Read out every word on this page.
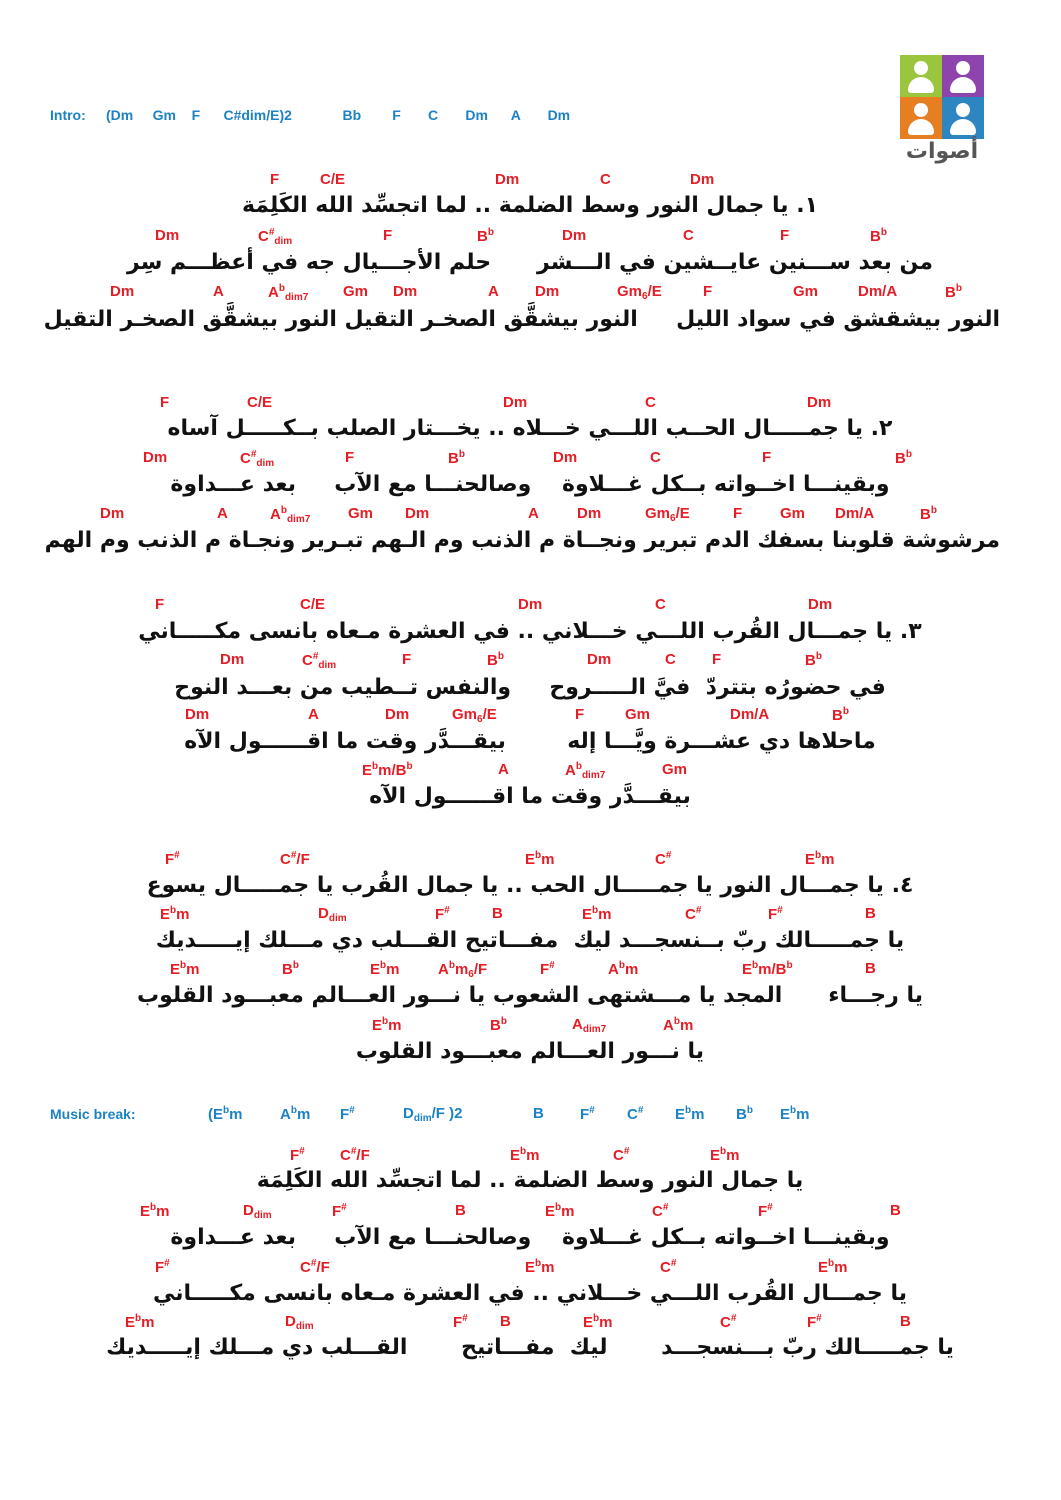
أصوات
Intro: (Dm     Gm    F      C#dim/E)2             Bb        F       C       Dm      A       Dm
F	C/E	Dm	C	Dm
١. يا جمال النور وسط الضلمة .. لما اتجسِّد الله الكَلِمَة
Dm	$C^{\#}_{dim}$	F	$B^b$	Dm	C	F	$B^b$
من بعد ســـنين عايــشين في الـــشر      حلم الأجـــيال جه في أعظـــم سِر
Dm	A	$A^b_{dim7}$ Gm Dm	A Dm	$Gm_6/E$	F	Gm	Dm/A	$B^b$
النور بيشقشق في سواد الليل     النور بيشقَّق الصخـر التقيل النور بيشقَّق الصخـر التقيل
F	C/E	Dm	C	Dm
٢. يا جمـــــال الحــب اللـــي خـــلاه .. يخـــتار الصلب بــكـــــل آساه
Dm	$C^{\#}_{dim}$	F	$B^b$	Dm	C	F	$B^b$
وبقينـــا اخــواته بــكل غـــلاوة    وصالحنـــا مع الآب     بعد عـــداوة
Dm	A	$A^b_{dim7}$	Gm Dm	A	Dm	$Gm_6/E$	F	Gm Dm/A	$B^b$
مرشوشة قلوبنا بسفك الدم تبرير ونجــاة م الذنب وم الـهم تبـرير ونجـاة م الذنب وم الهم
F	C/E	Dm	C	Dm
٣. يا جمـــال القُرب اللـــي خـــلاني .. في العشرة مـعاه بانسى مكـــــاني
Dm	$C^{\#}_{dim}$	F	$B^b$	Dm	C F	$B^b$
في حضورُه بتتردّ  فيَّ الـــــروح     والنفس تــطيب من بعـــد النوح
Dm	A	Dm	$Gm_6/E$	F	Gm	Dm/A	$B^b$
ماحلاها دي عشـــرة ويَّـــا إله        بيقـــدَّر وقت ما اقــــــول الآه
$E^bm/B^b$	A	$A^b_{dim7}$	Gm
بيقـــدَّر وقت ما اقــــــول الآه
F#	C#/F	$E^bm$	C#	$E^bm$
٤. يا جمـــال النور يا جمـــــال الحب .. يا جمال القُرب يا جمـــــال يسوع
$E^bm$	$D_{dim}$	F#	B	$E^bm$	C#	F#	B
يا جمـــــالك ربّ بــنسجـــد ليك  مفـــاتيح القـــلب دي مـــلك إيـــــديك
$E^bm$	$B^b$	$E^bm$	$A^bm_6/F$	F#	$A^bm$	$E^bm/B^b$	B
يا رجـــاء      المجد يا مـــشتهى الشعوب يا نـــور العـــالم معبـــود القلوب
$E^bm$	$B^b$	$A_{dim7}$	$A^bm$
يا نـــور العـــالم معبـــود القلوب
Music break:	($E^bm$	$A^bm$ F#	$D_{dim}/F$ )2	B F# C# $E^bm$ $B^b$ $E^bm$
F# C#/F	$E^bm$	C#	$E^bm$
يا جمال النور وسط الضلمة .. لما اتجسِّد الله الكَلِمَة
$E^bm$	$D_{dim}$	F#	B	$E^bm$	C#	F#	B
وبقينـــا اخــواته بــكل غـــلاوة    وصالحنـــا مع الآب     بعد عـــداوة
F#	C#/F	$E^bm$	C#	$E^bm$
يا جمـــال القُرب اللـــي خـــلاني .. في العشرة مـعاه بانسى مكـــــاني
$E^bm$	$D_{dim}$	F# B	$E^bm$	C#	F#	B
يا جمـــــالك ربّ بـــنسجـــد       ليك  مفـــاتيح       القـــلب دي مـــلك إيـــــديك
